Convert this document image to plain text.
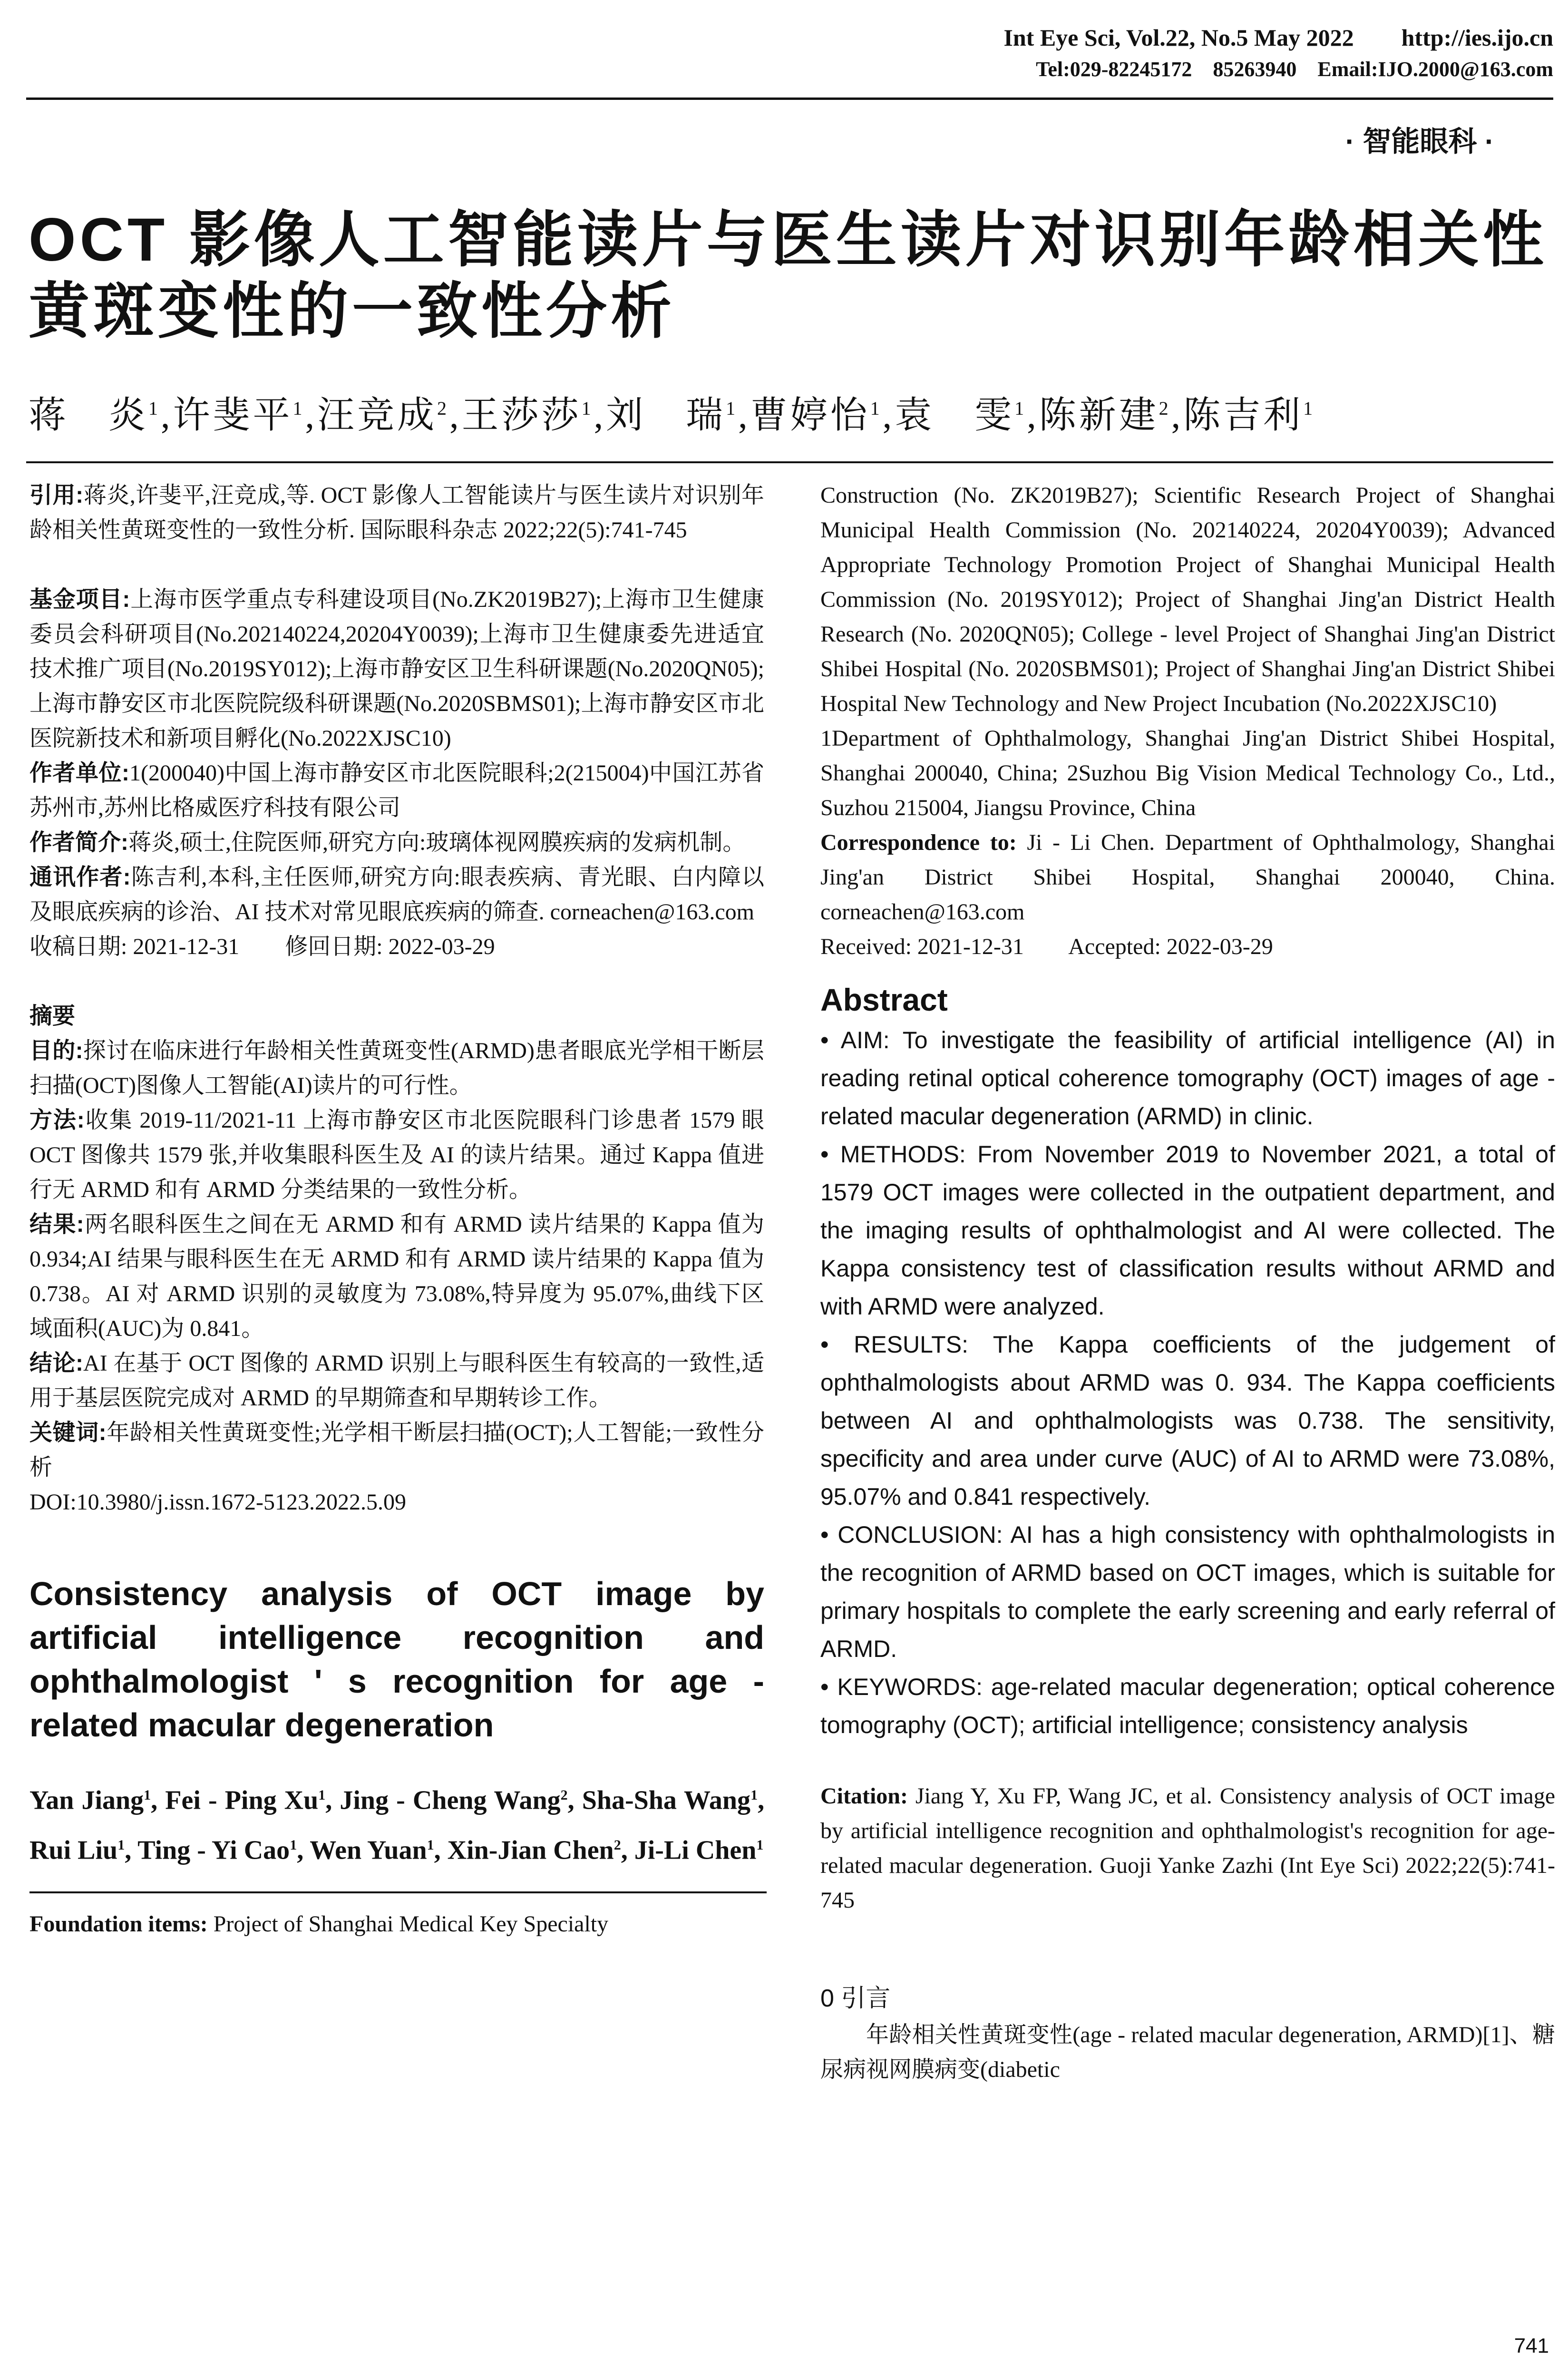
Int Eye Sci, Vol.22, No.5 May 2022        http://ies.ijo.cn
Tel:029-82245172    85263940    Email:IJO.2000@163.com
· 智能眼科 ·
OCT 影像人工智能读片与医生读片对识别年龄相关性黄斑变性的一致性分析
蒋　炎$^1$,许斐平$^1$,汪竞成$^2$,王莎莎$^1$,刘　瑞$^1$,曹婷怡$^1$,袁　雯$^1$,陈新建$^2$,陈吉利$^1$

引用:蒋炎,许斐平,汪竞成,等. OCT 影像人工智能读片与医生读片对识别年龄相关性黄斑变性的一致性分析. 国际眼科杂志 2022;22(5):741-745

基金项目:上海市医学重点专科建设项目(No.ZK2019B27);上海市卫生健康委员会科研项目(No.202140224,20204Y0039);上海市卫生健康委先进适宜技术推广项目(No.2019SY012);上海市静安区卫生科研课题(No.2020QN05);上海市静安区市北医院院级科研课题(No.2020SBMS01);上海市静安区市北医院新技术和新项目孵化(No.2022XJSC10)

作者单位:1(200040)中国上海市静安区市北医院眼科;2(215004)中国江苏省苏州市,苏州比格威医疗科技有限公司

作者简介:蒋炎,硕士,住院医师,研究方向:玻璃体视网膜疾病的发病机制。

通讯作者:陈吉利,本科,主任医师,研究方向:眼表疾病、青光眼、白内障以及眼底疾病的诊治、AI 技术对常见眼底疾病的筛查. corneachen@163.com

收稿日期: 2021-12-31        修回日期: 2022-03-29

摘要

目的:探讨在临床进行年龄相关性黄斑变性(ARMD)患者眼底光学相干断层扫描(OCT)图像人工智能(AI)读片的可行性。

方法:收集 2019-11/2021-11 上海市静安区市北医院眼科门诊患者 1579 眼 OCT 图像共 1579 张,并收集眼科医生及 AI 的读片结果。通过 Kappa 值进行无 ARMD 和有 ARMD 分类结果的一致性分析。

结果:两名眼科医生之间在无 ARMD 和有 ARMD 读片结果的 Kappa 值为 0.934;AI 结果与眼科医生在无 ARMD 和有 ARMD 读片结果的 Kappa 值为 0.738。AI 对 ARMD 识别的灵敏度为 73.08%,特异度为 95.07%,曲线下区域面积(AUC)为 0.841。

结论:AI 在基于 OCT 图像的 ARMD 识别上与眼科医生有较高的一致性,适用于基层医院完成对 ARMD 的早期筛查和早期转诊工作。

关键词:年龄相关性黄斑变性;光学相干断层扫描(OCT);人工智能;一致性分析

DOI:10.3980/j.issn.1672-5123.2022.5.09

Consistency analysis of OCT image by artificial intelligence recognition and ophthalmologist ' s recognition for age - related macular degeneration

Yan Jiang$^1$, Fei - Ping Xu$^1$, Jing - Cheng Wang$^2$, Sha-Sha Wang$^1$, Rui Liu$^1$, Ting - Yi Cao$^1$, Wen Yuan$^1$, Xin-Jian Chen$^2$, Ji-Li Chen$^1$

Foundation items: Project of Shanghai Medical Key Specialty

Construction (No. ZK2019B27); Scientific Research Project of Shanghai Municipal Health Commission (No. 202140224, 20204Y0039); Advanced Appropriate Technology Promotion Project of Shanghai Municipal Health Commission (No. 2019SY012); Project of Shanghai Jing'an District Health Research (No. 2020QN05); College - level Project of Shanghai Jing'an District Shibei Hospital (No. 2020SBMS01); Project of Shanghai Jing'an District Shibei Hospital New Technology and New Project Incubation (No.2022XJSC10)

1Department of Ophthalmology, Shanghai Jing'an District Shibei Hospital, Shanghai 200040, China; 2Suzhou Big Vision Medical Technology Co., Ltd., Suzhou 215004, Jiangsu Province, China

Correspondence to: Ji - Li Chen. Department of Ophthalmology, Shanghai Jing'an District Shibei Hospital, Shanghai 200040, China. corneachen@163.com

Received: 2021-12-31        Accepted: 2022-03-29

Abstract

• AIM: To investigate the feasibility of artificial intelligence (AI) in reading retinal optical coherence tomography (OCT) images of age - related macular degeneration (ARMD) in clinic.

• METHODS: From November 2019 to November 2021, a total of 1579 OCT images were collected in the outpatient department, and the imaging results of ophthalmologist and AI were collected. The Kappa consistency test of classification results without ARMD and with ARMD were analyzed.

• RESULTS: The Kappa coefficients of the judgement of ophthalmologists about ARMD was 0. 934. The Kappa coefficients between AI and ophthalmologists was 0.738. The sensitivity, specificity and area under curve (AUC) of AI to ARMD were 73.08%, 95.07% and 0.841 respectively.

• CONCLUSION: AI has a high consistency with ophthalmologists in the recognition of ARMD based on OCT images, which is suitable for primary hospitals to complete the early screening and early referral of ARMD.

• KEYWORDS: age-related macular degeneration; optical coherence tomography (OCT); artificial intelligence; consistency analysis

Citation: Jiang Y, Xu FP, Wang JC, et al. Consistency analysis of OCT image by artificial intelligence recognition and ophthalmologist's recognition for age-related macular degeneration. Guoji Yanke Zazhi (Int Eye Sci) 2022;22(5):741-745

0 引言

年龄相关性黄斑变性(age - related macular degeneration, ARMD)[1]、糖尿病视网膜病变(diabetic

741
